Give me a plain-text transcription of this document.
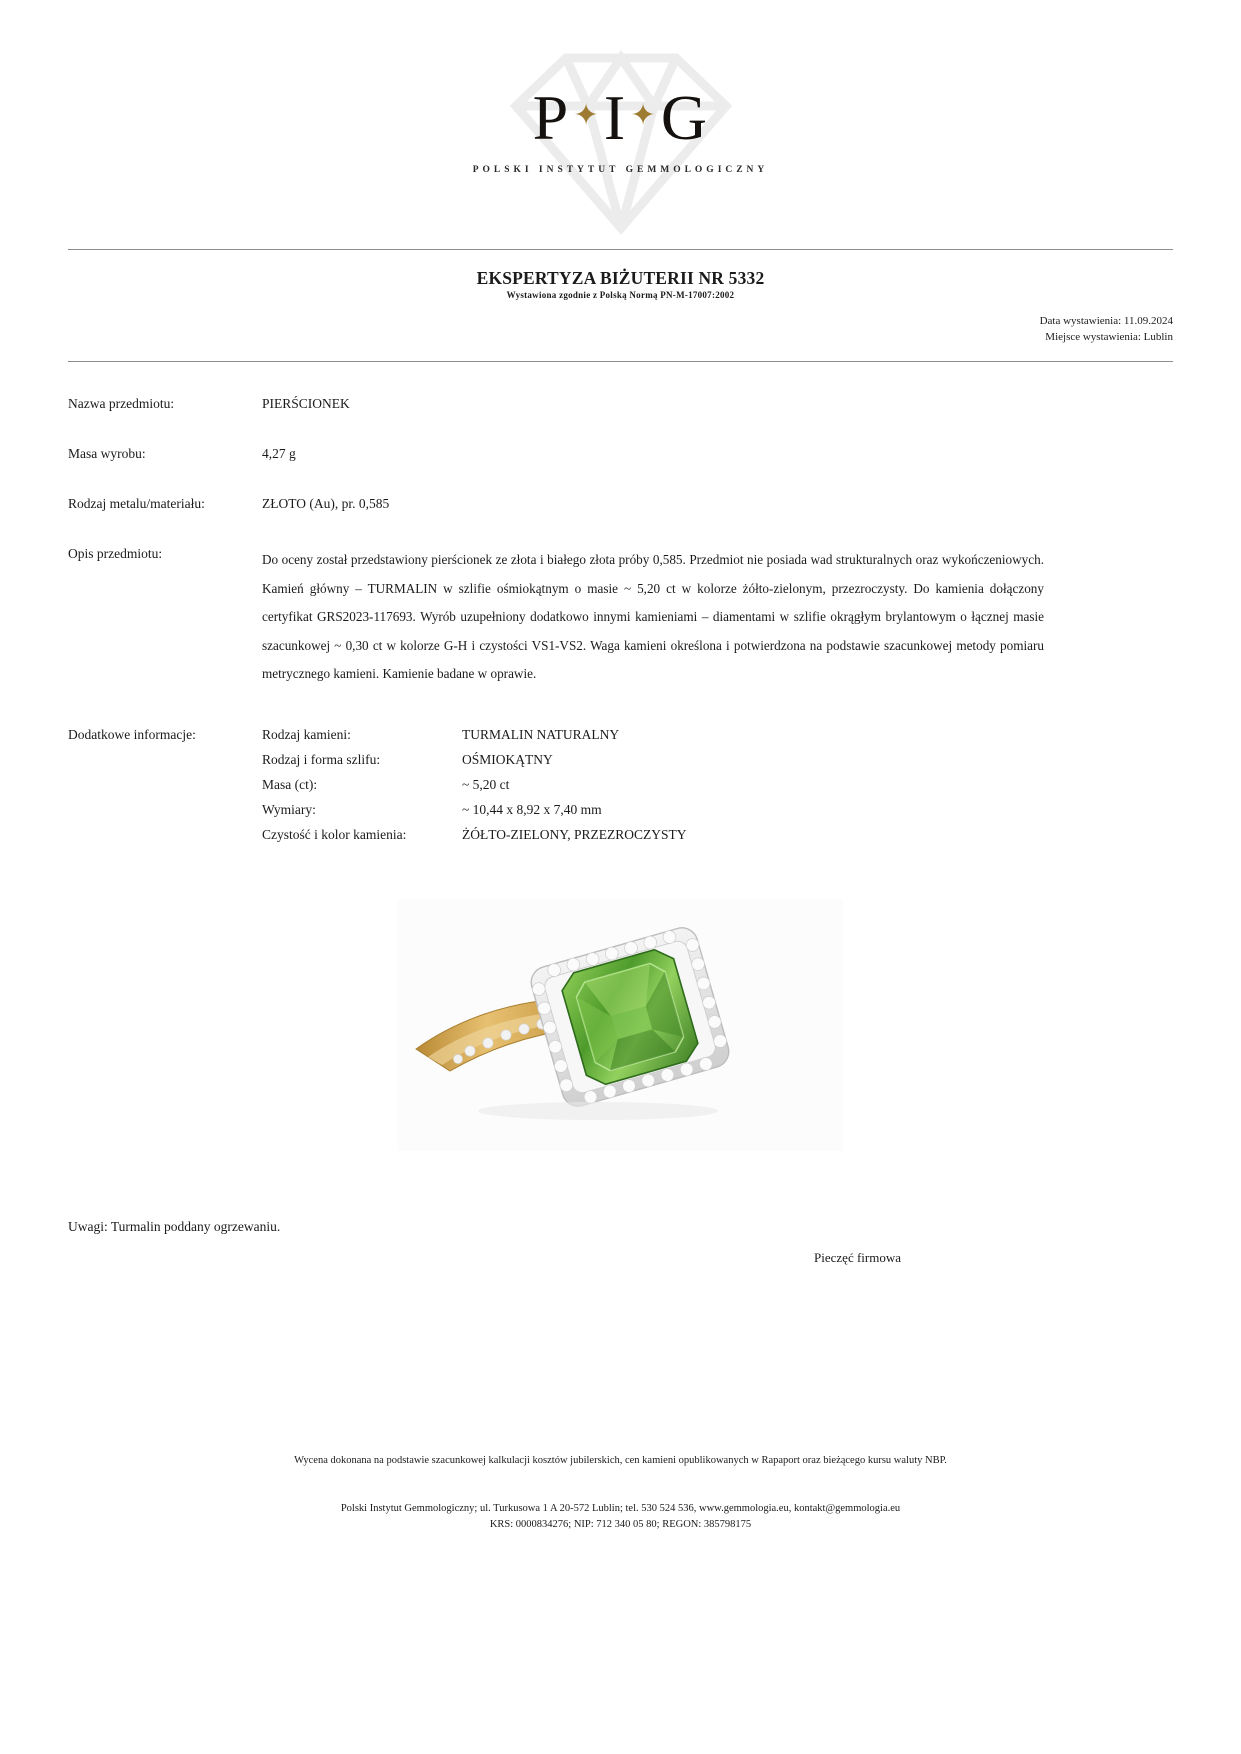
P ✦I ✦G
POLSKI INSTYTUT GEMMOLOGICZNY
EKSPERTYZA BIŻUTERII NR 5332
Wystawiona zgodnie z Polską Normą PN-M-17007:2002
Data wystawienia: 11.09.2024
Miejsce wystawienia: Lublin
Nazwa przedmiotu:	PIERŚCIONEK
Masa wyrobu:	4,27 g
Rodzaj metalu/materiału:	ZŁOTO (Au), pr. 0,585
Opis przedmiotu:	Do oceny został przedstawiony pierścionek ze złota i białego złota próby 0,585. Przedmiot nie posiada wad strukturalnych oraz wykończeniowych. Kamień główny – TURMALIN w szlifie ośmiokątnym o masie ~ 5,20 ct w kolorze żółto-zielonym, przezroczysty. Do kamienia dołączony certyfikat GRS2023-117693. Wyrób uzupełniony dodatkowo innymi kamieniami – diamentami w szlifie okrągłym brylantowym o łącznej masie szacunkowej ~ 0,30 ct w kolorze G-H i czystości VS1-VS2. Waga kamieni określona i potwierdzona na podstawie szacunkowej metody pomiaru metrycznego kamieni. Kamienie badane w oprawie.
Dodatkowe informacje:	Rodzaj kamieni:	TURMALIN NATURALNY
Rodzaj i forma szlifu:	OŚMIOKĄTNY
Masa (ct):	~ 5,20 ct
Wymiary:	~ 10,44 x 8,92 x 7,40 mm
Czystość i kolor kamienia:	ŻÓŁTO-ZIELONY, PRZEZROCZYSTY
Uwagi: Turmalin poddany ogrzewaniu.
Pieczęć firmowa
Wycena dokonana na podstawie szacunkowej kalkulacji kosztów jubilerskich, cen kamieni opublikowanych w Rapaport oraz bieżącego kursu waluty NBP.
Polski Instytut Gemmologiczny; ul. Turkusowa 1 A 20-572 Lublin; tel. 530 524 536, www.gemmologia.eu, kontakt@gemmologia.eu
KRS: 0000834276; NIP: 712 340 05 80; REGON: 385798175
